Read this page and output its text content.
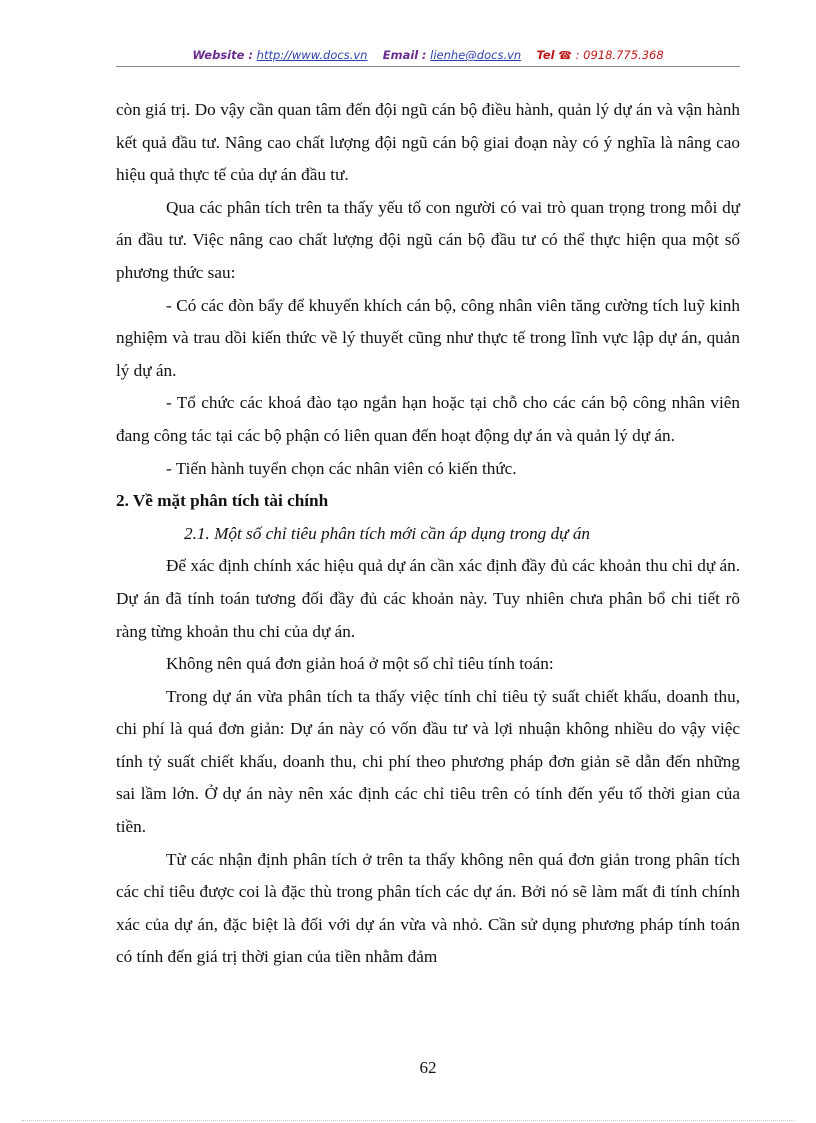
Website : http://www.docs.vn Email : lienhe@docs.vn Tel ☎ : 0918.775.368

còn giá trị. Do vậy cần quan tâm đến đội ngũ cán bộ điều hành, quản lý dự án và vận hành kết quả đầu tư. Nâng cao chất lượng đội ngũ cán bộ giai đoạn này có ý nghĩa là nâng cao hiệu quả thực tế của dự án đầu tư.

Qua các phân tích trên ta thấy yếu tố con người có vai trò quan trọng trong mỗi dự án đầu tư. Việc nâng cao chất lượng đội ngũ cán bộ đầu tư có thể thực hiện qua một số phương thức sau:

- Có các đòn bẩy để khuyến khích cán bộ, công nhân viên tăng cường tích luỹ kinh nghiệm và trau dồi kiến thức về lý thuyết cũng như thực tế trong lĩnh vực lập dự án, quản lý dự án.

- Tổ chức các khoá đào tạo ngắn hạn hoặc tại chỗ cho các cán bộ công nhân viên đang công tác tại các bộ phận có liên quan đến hoạt động dự án và quản lý dự án.

- Tiến hành tuyển chọn các nhân viên có kiến thức.

2. Về mặt phân tích tài chính

2.1. Một số chỉ tiêu phân tích mới cần áp dụng trong dự án

Để xác định chính xác hiệu quả dự án cần xác định đầy đủ các khoản thu chi dự án. Dự án đã tính toán tương đối đầy đủ các khoản này. Tuy nhiên chưa phân bổ chi tiết rõ ràng từng khoản thu chi của dự án.

Không nên quá đơn giản hoá ở một số chỉ tiêu tính toán:

Trong dự án vừa phân tích ta thấy việc tính chỉ tiêu tỷ suất chiết khấu, doanh thu, chi phí là quá đơn giản: Dự án này có vốn đầu tư và lợi nhuận không nhiều do vậy việc tính tỷ suất chiết khấu, doanh thu, chi phí theo phương pháp đơn giản sẽ dẫn đến những sai lầm lớn. Ở dự án này nên xác định các chỉ tiêu trên có tính đến yếu tố thời gian của tiền.

Từ các nhận định phân tích ở trên ta thấy không nên quá đơn giản trong phân tích các chỉ tiêu được coi là đặc thù trong phân tích các dự án. Bởi nó sẽ làm mất đi tính chính xác của dự án, đặc biệt là đối với dự án vừa và nhỏ. Cần sử dụng phương pháp tính toán có tính đến giá trị thời gian của tiền nhằm đảm

62
